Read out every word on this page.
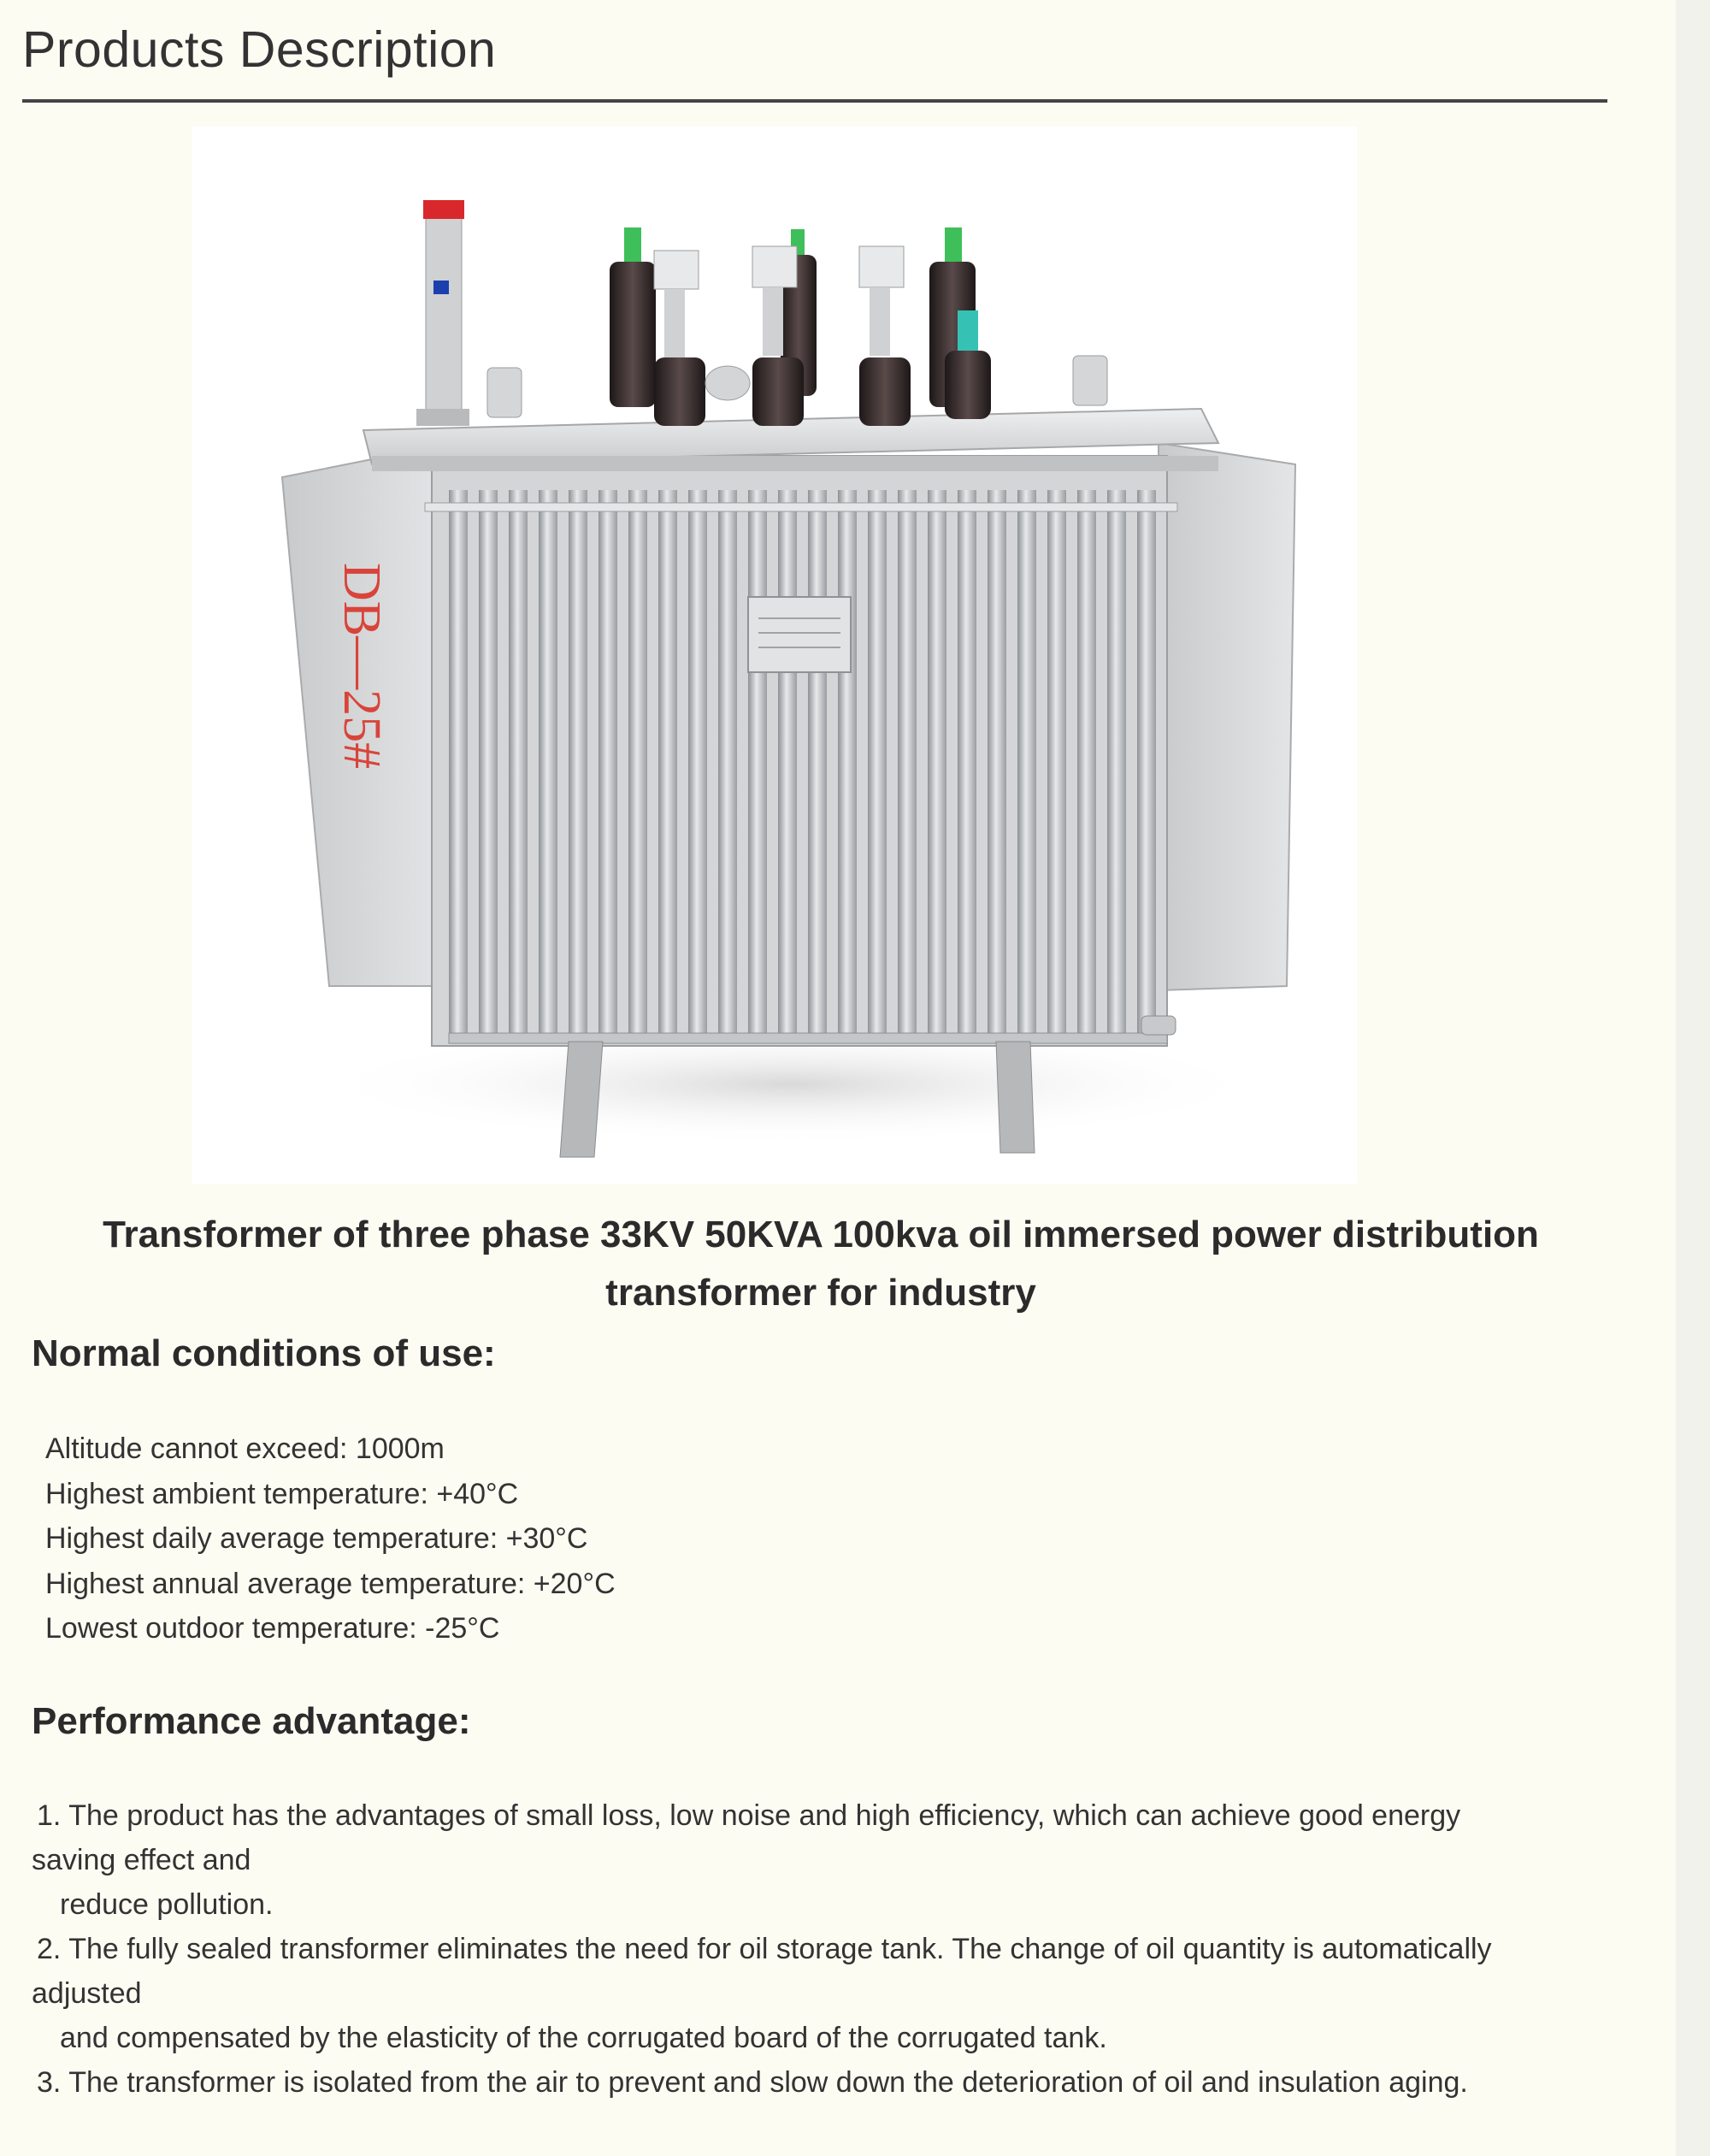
Products Description
DB—25#
Transformer of three phase 33KV 50KVA 100kva oil immersed power distribution transformer for industry
Normal conditions of use:
Altitude cannot exceed: 1000m
Highest ambient temperature: +40°C
Highest daily average temperature: +30°C
Highest annual average temperature: +20°C
Lowest outdoor temperature: -25°C
Performance advantage:
1. The product has the advantages of small loss, low noise and high efficiency, which can achieve good energy
saving effect and
reduce pollution.
2. The fully sealed transformer eliminates the need for oil storage tank. The change of oil quantity is automatically
adjusted
and compensated by the elasticity of the corrugated board of the corrugated tank.
3. The transformer is isolated from the air to prevent and slow down the deterioration of oil and insulation aging.
